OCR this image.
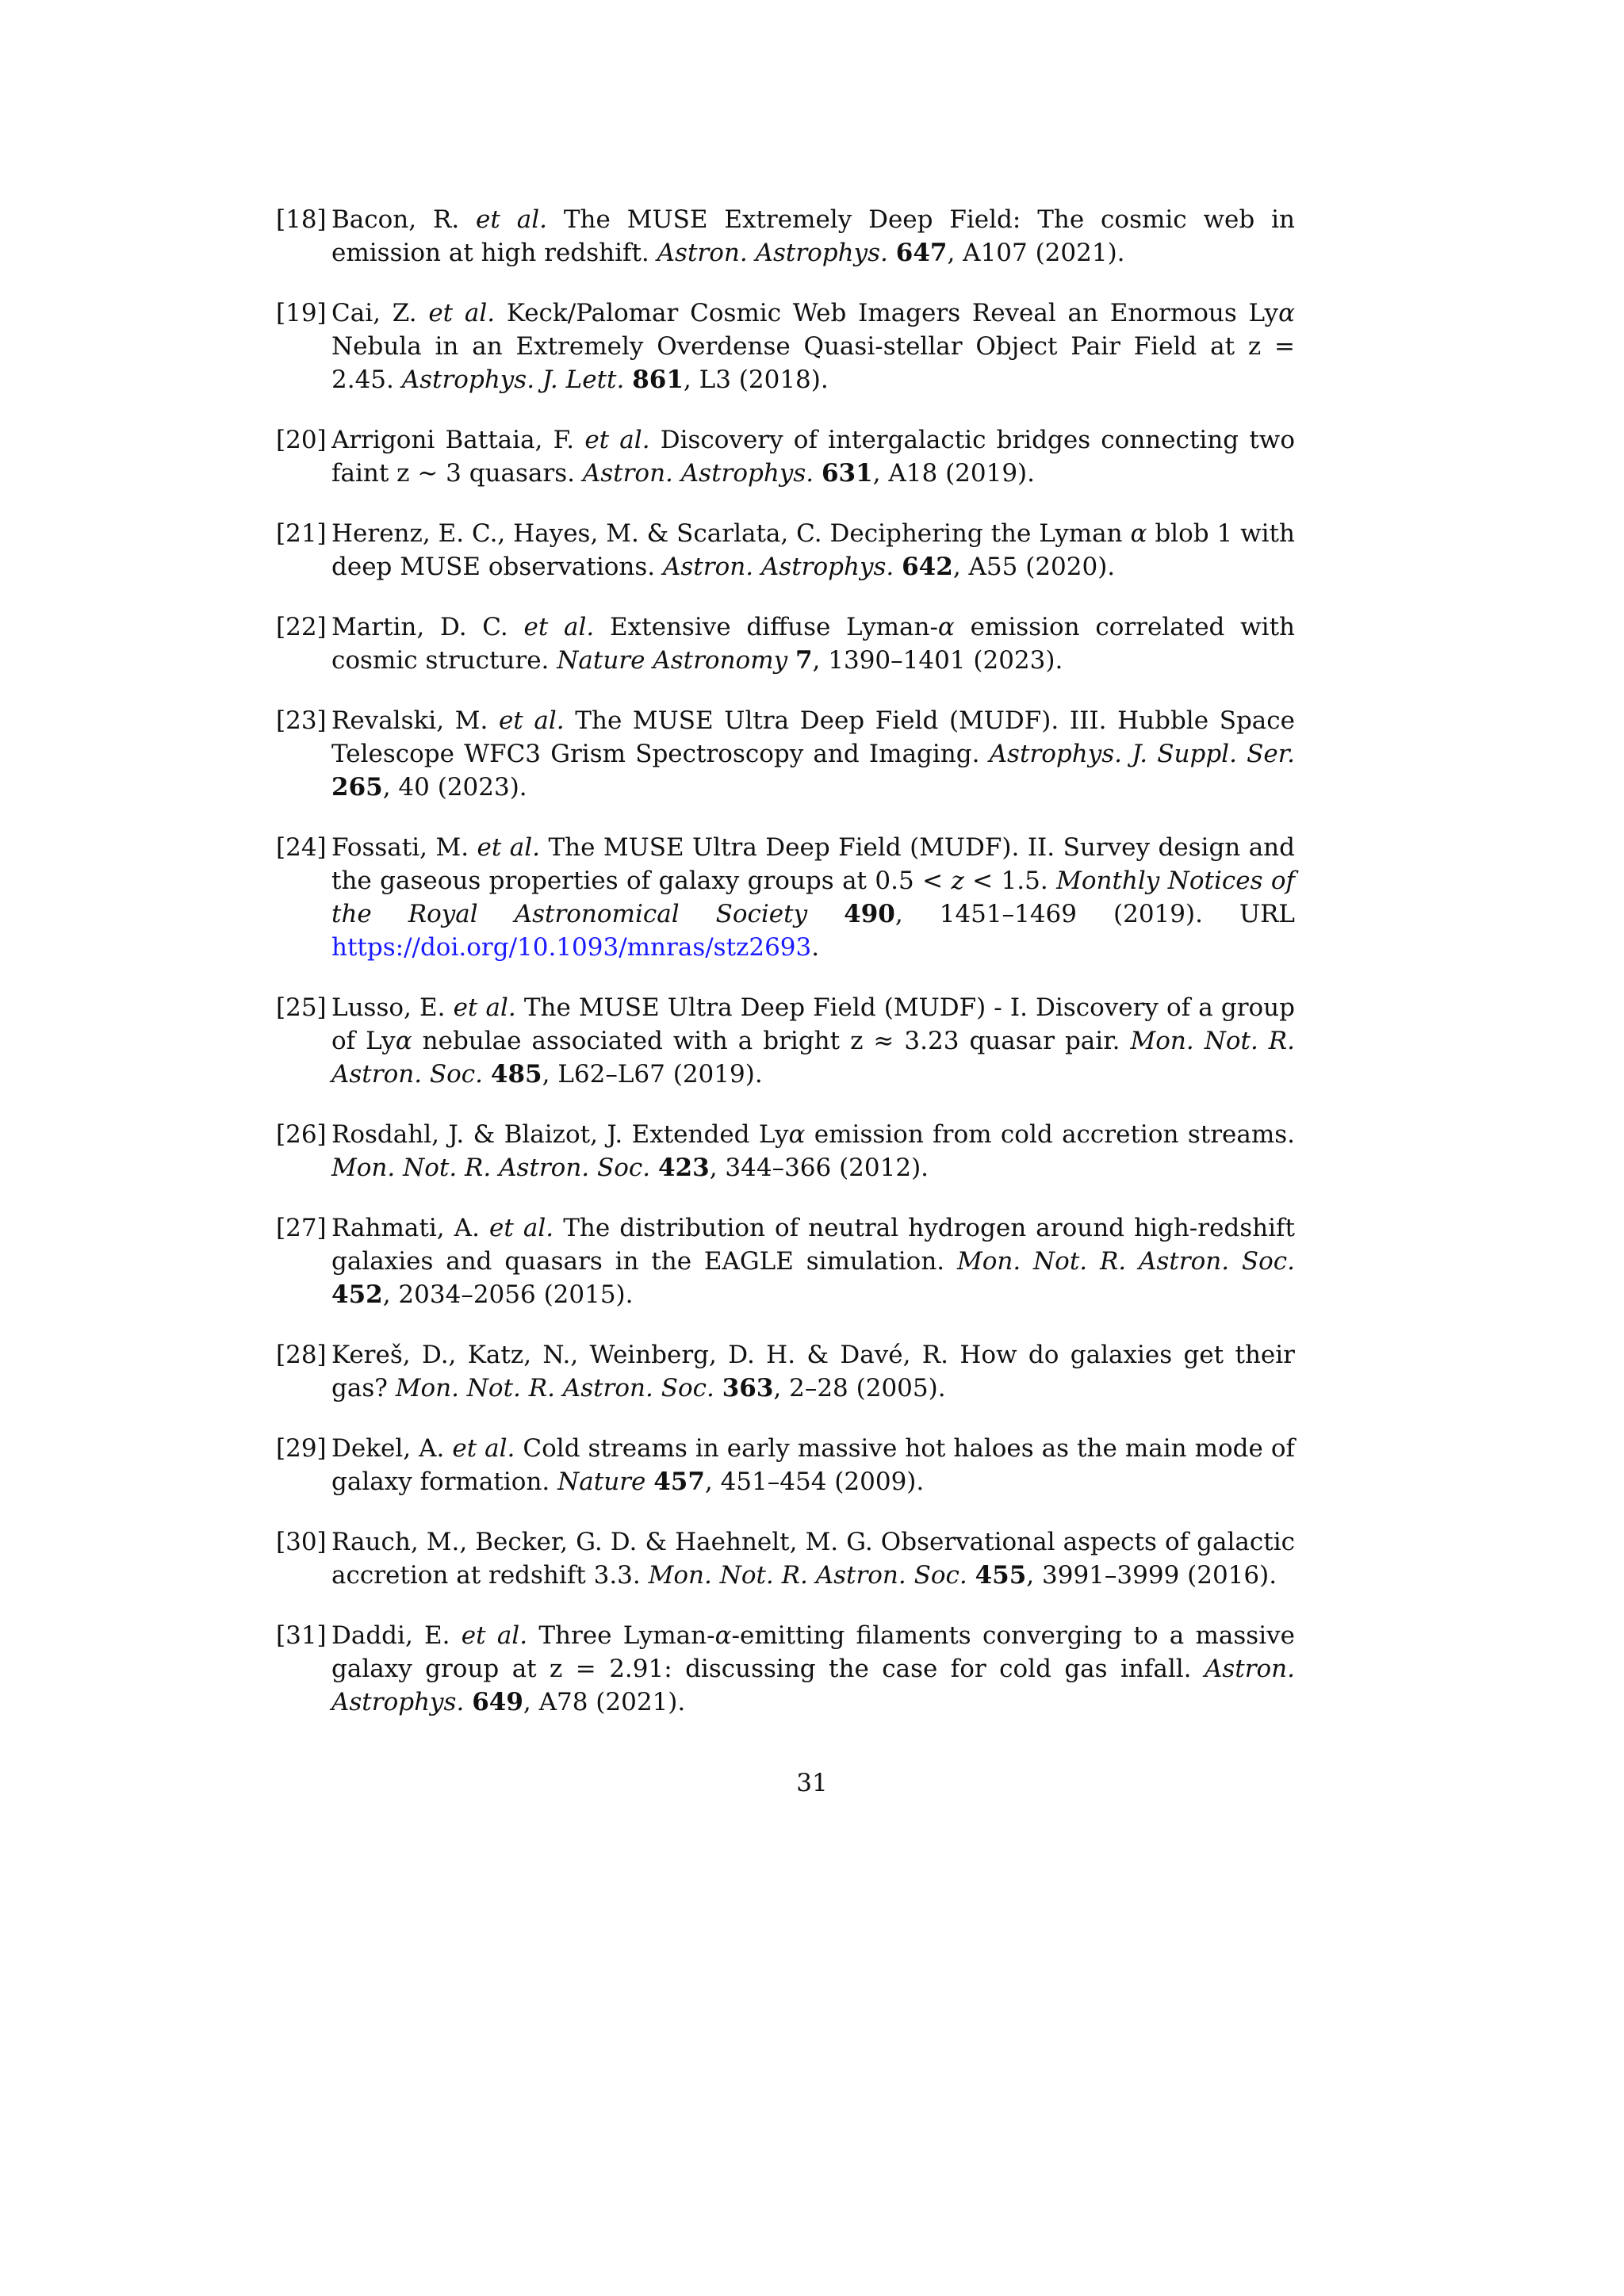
[18] Bacon, R. et al. The MUSE Extremely Deep Field: The cosmic web in emission at high redshift. Astron. Astrophys. 647, A107 (2021).
[19] Cai, Z. et al. Keck/Palomar Cosmic Web Imagers Reveal an Enormous Lyα Nebula in an Extremely Overdense Quasi-stellar Object Pair Field at z = 2.45. Astrophys. J. Lett. 861, L3 (2018).
[20] Arrigoni Battaia, F. et al. Discovery of intergalactic bridges connecting two faint z ∼ 3 quasars. Astron. Astrophys. 631, A18 (2019).
[21] Herenz, E. C., Hayes, M. & Scarlata, C. Deciphering the Lyman α blob 1 with deep MUSE observations. Astron. Astrophys. 642, A55 (2020).
[22] Martin, D. C. et al. Extensive diffuse Lyman-α emission correlated with cosmic structure. Nature Astronomy 7, 1390–1401 (2023).
[23] Revalski, M. et al. The MUSE Ultra Deep Field (MUDF). III. Hubble Space Telescope WFC3 Grism Spectroscopy and Imaging. Astrophys. J. Suppl. Ser. 265, 40 (2023).
[24] Fossati, M. et al. The MUSE Ultra Deep Field (MUDF). II. Survey design and the gaseous properties of galaxy groups at 0.5 < z < 1.5. Monthly Notices of the Royal Astronomical Society 490, 1451–1469 (2019). URL https://doi.org/10.1093/mnras/stz2693.
[25] Lusso, E. et al. The MUSE Ultra Deep Field (MUDF) - I. Discovery of a group of Lyα nebulae associated with a bright z ≈ 3.23 quasar pair. Mon. Not. R. Astron. Soc. 485, L62–L67 (2019).
[26] Rosdahl, J. & Blaizot, J. Extended Lyα emission from cold accretion streams. Mon. Not. R. Astron. Soc. 423, 344–366 (2012).
[27] Rahmati, A. et al. The distribution of neutral hydrogen around high-redshift galaxies and quasars in the EAGLE simulation. Mon. Not. R. Astron. Soc. 452, 2034–2056 (2015).
[28] Kereš, D., Katz, N., Weinberg, D. H. & Davé, R. How do galaxies get their gas? Mon. Not. R. Astron. Soc. 363, 2–28 (2005).
[29] Dekel, A. et al. Cold streams in early massive hot haloes as the main mode of galaxy formation. Nature 457, 451–454 (2009).
[30] Rauch, M., Becker, G. D. & Haehnelt, M. G. Observational aspects of galactic accretion at redshift 3.3. Mon. Not. R. Astron. Soc. 455, 3991–3999 (2016).
[31] Daddi, E. et al. Three Lyman-α-emitting filaments converging to a massive galaxy group at z = 2.91: discussing the case for cold gas infall. Astron. Astrophys. 649, A78 (2021).
31
